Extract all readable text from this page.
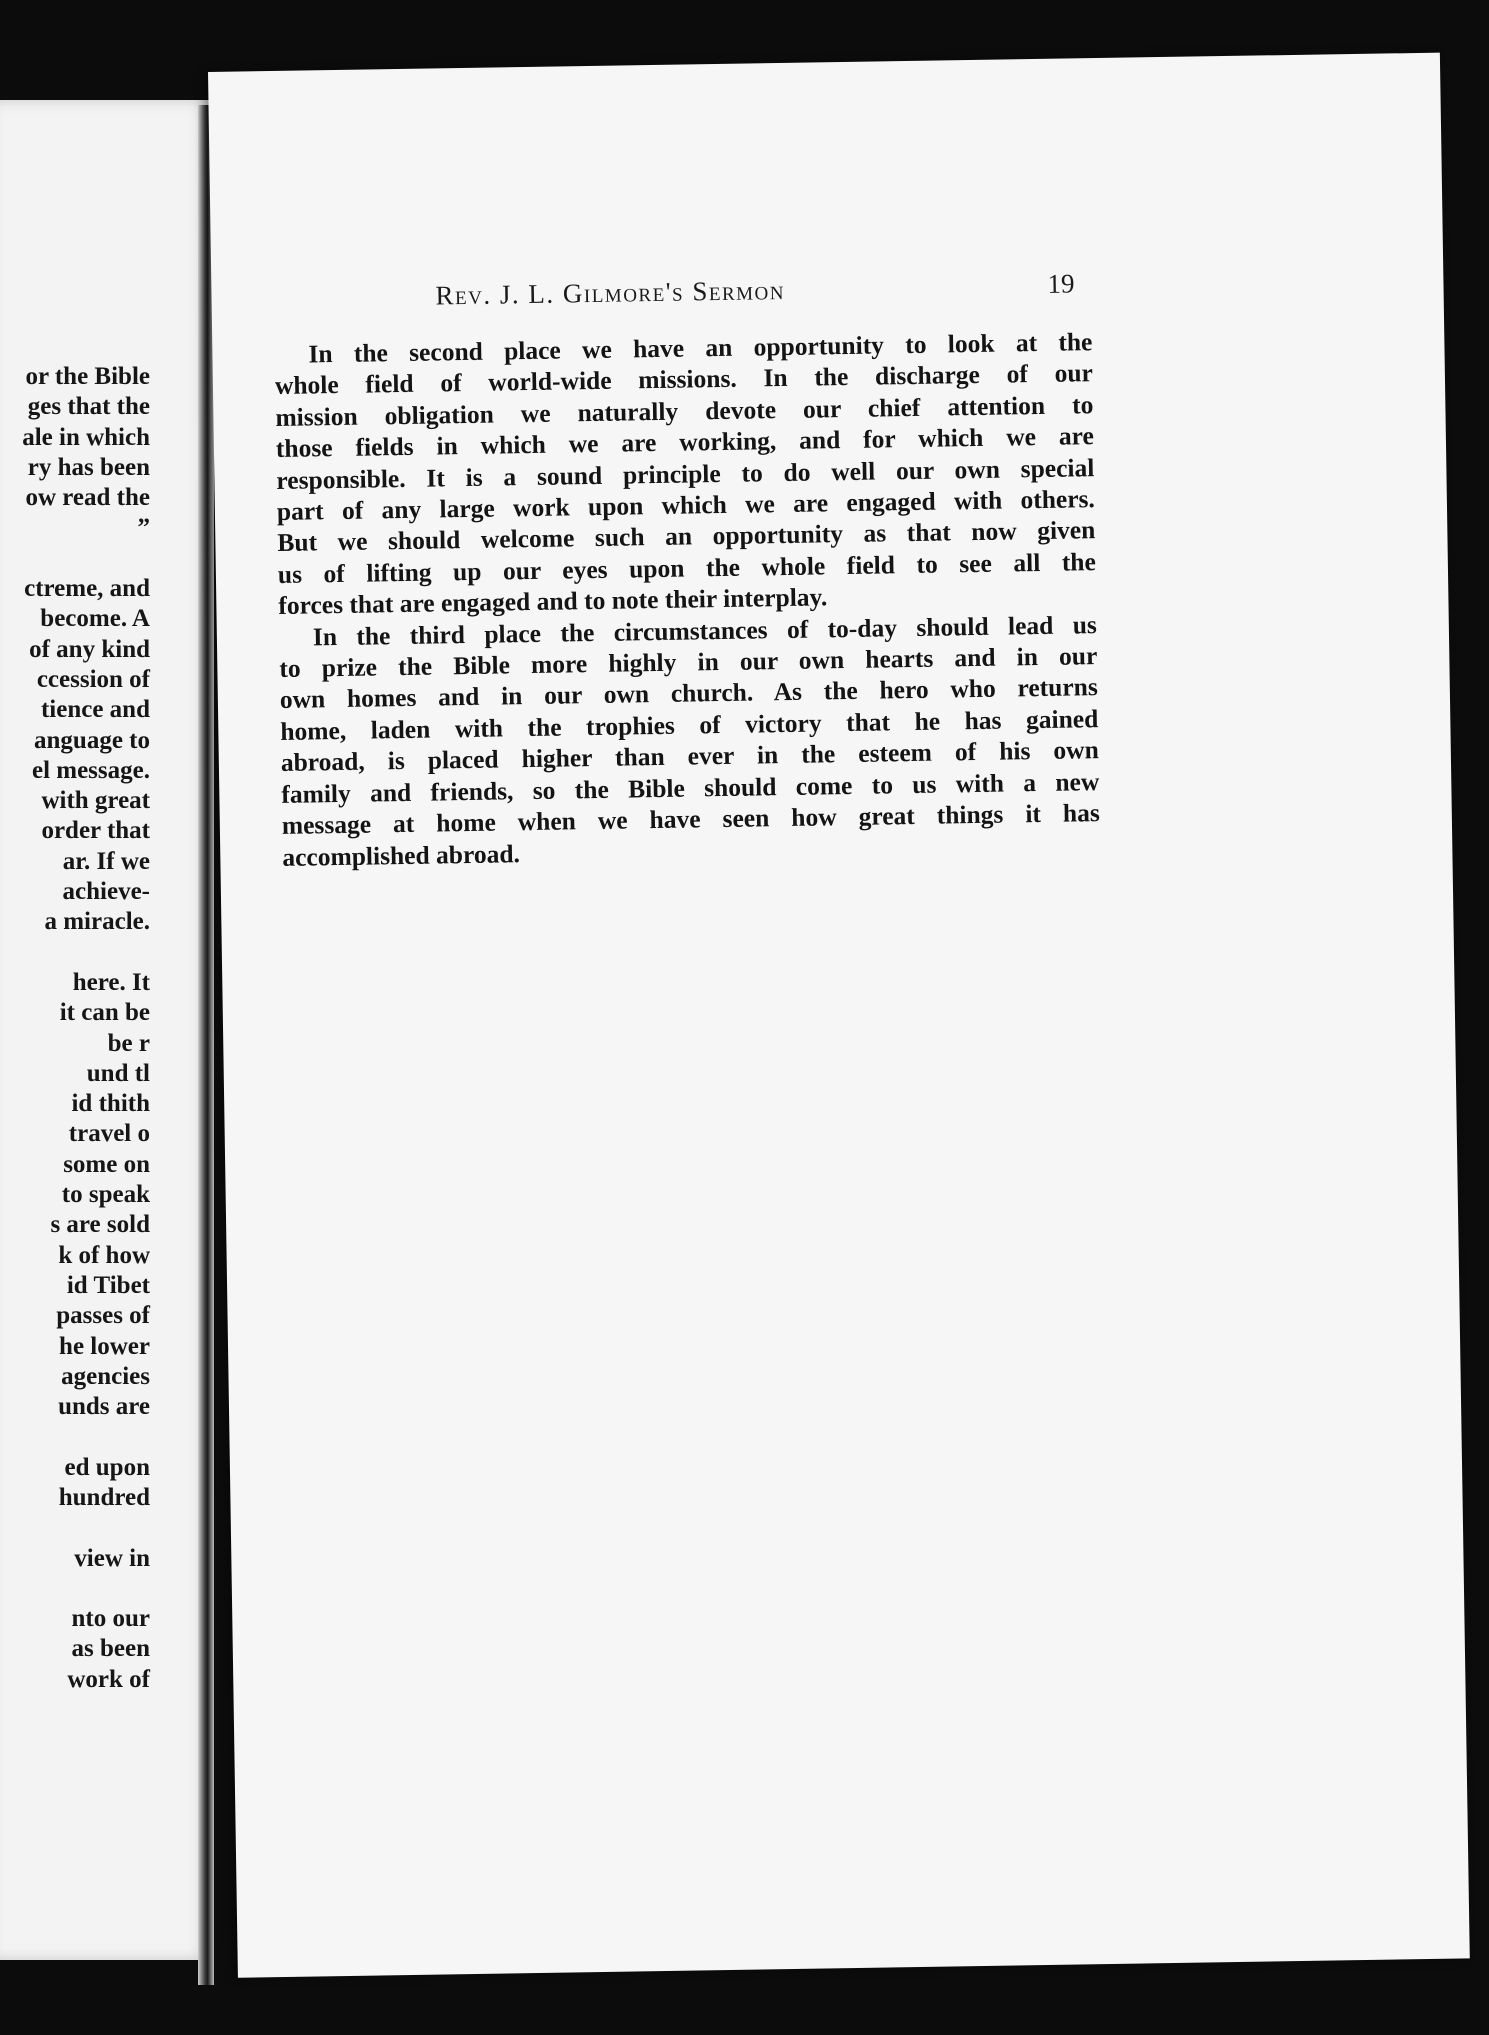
or the Bible
ges that the
ale in which
ry has been
ow read the
”
ctreme, and
become. A
of any kind
ccession of
tience and
anguage to
el message.
with great
order that
ar. If we
achieve-
a miracle.
here. It
it can be
be r
und tl
id thith
travel o
some on
to speak
s are sold
k of how
id Tibet
passes of
he lower
agencies
unds are
ed upon
hundred
view in
nto our
as been
work of
Rev. J. L. Gilmore's Sermon	19

In the second place we have an opportunity to look at the
whole field of world-wide missions. In the discharge of our
mission obligation we naturally devote our chief attention to
those fields in which we are working, and for which we are
responsible. It is a sound principle to do well our own special
part of any large work upon which we are engaged with others.
But we should welcome such an opportunity as that now given
us of lifting up our eyes upon the whole field to see all the
forces that are engaged and to note their interplay.

In the third place the circumstances of to-day should lead us
to prize the Bible more highly in our own hearts and in our
own homes and in our own church. As the hero who returns
home, laden with the trophies of victory that he has gained
abroad, is placed higher than ever in the esteem of his own
family and friends, so the Bible should come to us with a new
message at home when we have seen how great things it has
accomplished abroad.
